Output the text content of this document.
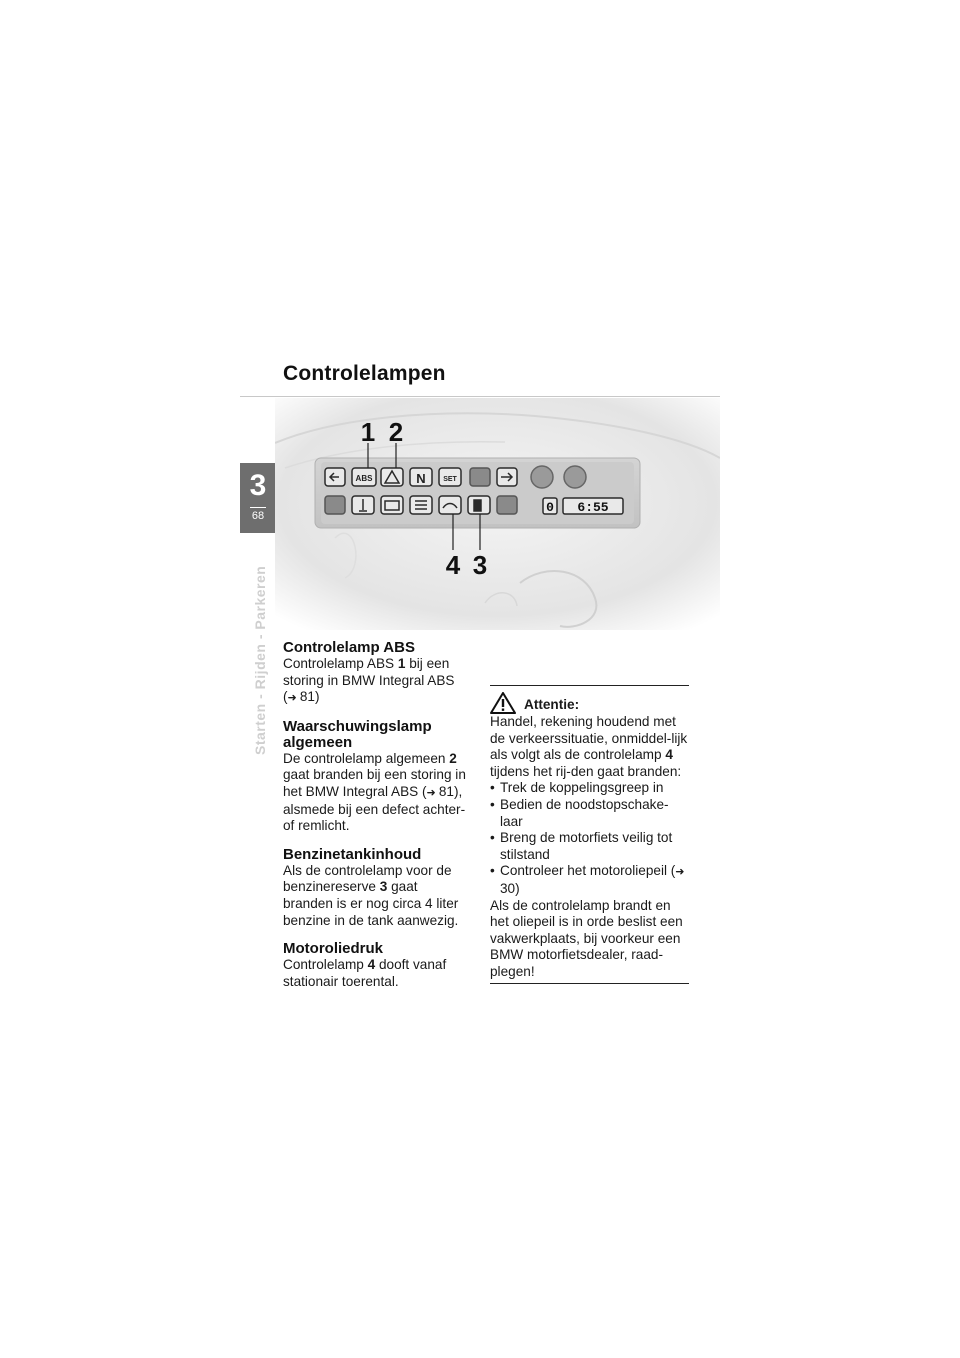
Controlelampen
3
68
Starten - Rijden - Parkeren
ABS	N SET
0 6:55
1 2
3
4
Controlelamp ABS
Controlelamp ABS 1 bij een storing in BMW Integral ABS (➜ 81)
Waarschuwingslamp algemeen
De controlelamp algemeen 2 gaat branden bij een storing in het BMW Integral ABS (➜ 81), alsmede bij een defect achter- of remlicht.
Benzinetankinhoud
Als de controlelamp voor de benzinereserve 3 gaat branden is er nog circa 4 liter benzine in de tank aanwezig.
Motoroliedruk
Controlelamp 4 dooft vanaf stationair toerental.
Attentie:
Handel, rekening houdend met de verkeerssituatie, onmiddel-lijk als volgt als de controlelamp 4 tijdens het rij-den gaat branden:
• Trek de koppelingsgreep in
• Bedien de noodstopschake-laar
• Breng de motorfiets veilig tot stilstand
• Controleer het motoroliepeil (➜ 30)
Als de controlelamp brandt en het oliepeil is in orde beslist een vakwerkplaats, bij voorkeur een BMW motorfietsdealer, raad-plegen!
